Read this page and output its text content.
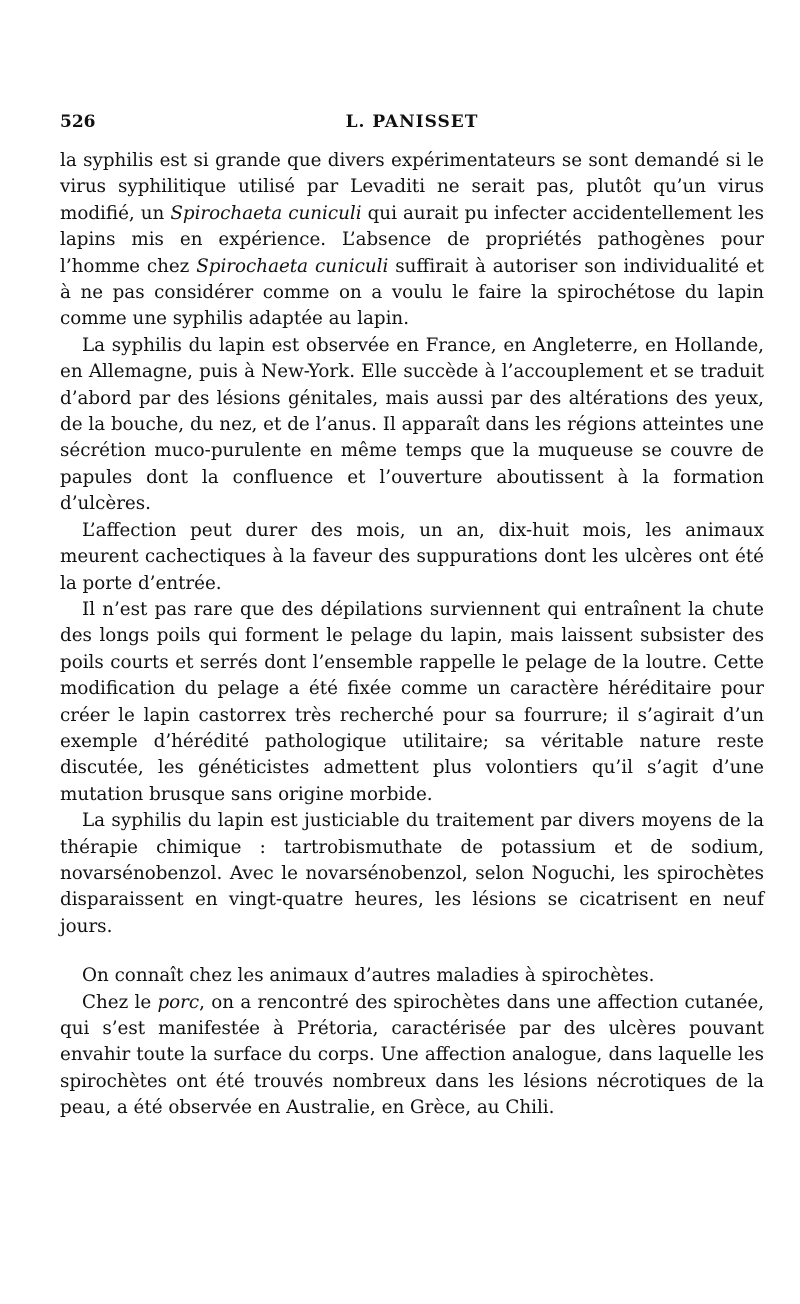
526	L. PANISSET

la syphilis est si grande que divers expérimentateurs se sont demandé si le virus syphilitique utilisé par Levaditi ne serait pas, plutôt qu’un virus modifié, un Spirochaeta cuniculi qui aurait pu infecter accidentellement les lapins mis en expérience. L’absence de propriétés pathogènes pour l’homme chez Spirochaeta cuniculi suffirait à autoriser son individualité et à ne pas considérer comme on a voulu le faire la spirochétose du lapin comme une syphilis adaptée au lapin.

La syphilis du lapin est observée en France, en Angleterre, en Hollande, en Allemagne, puis à New-York. Elle succède à l’accouplement et se traduit d’abord par des lésions génitales, mais aussi par des altérations des yeux, de la bouche, du nez, et de l’anus. Il apparaît dans les régions atteintes une sécrétion muco-purulente en même temps que la muqueuse se couvre de papules dont la confluence et l’ouverture aboutissent à la formation d’ulcères.

L’affection peut durer des mois, un an, dix-huit mois, les animaux meurent cachectiques à la faveur des suppurations dont les ulcères ont été la porte d’entrée.

Il n’est pas rare que des dépilations surviennent qui entraînent la chute des longs poils qui forment le pelage du lapin, mais laissent subsister des poils courts et serrés dont l’ensemble rappelle le pelage de la loutre. Cette modification du pelage a été fixée comme un caractère héréditaire pour créer le lapin castorrex très recherché pour sa fourrure; il s’agirait d’un exemple d’hérédité pathologique utilitaire; sa véritable nature reste discutée, les généticistes admettent plus volontiers qu’il s’agit d’une mutation brusque sans origine morbide.

La syphilis du lapin est justiciable du traitement par divers moyens de la thérapie chimique : tartrobismuthate de potassium et de sodium, novarsénobenzol. Avec le novarsénobenzol, selon Noguchi, les spirochètes disparaissent en vingt-quatre heures, les lésions se cicatrisent en neuf jours.

On connaît chez les animaux d’autres maladies à spirochètes.

Chez le porc, on a rencontré des spirochètes dans une affection cutanée, qui s’est manifestée à Prétoria, caractérisée par des ulcères pouvant envahir toute la surface du corps. Une affection analogue, dans laquelle les spirochètes ont été trouvés nombreux dans les lésions nécrotiques de la peau, a été observée en Australie, en Grèce, au Chili.
